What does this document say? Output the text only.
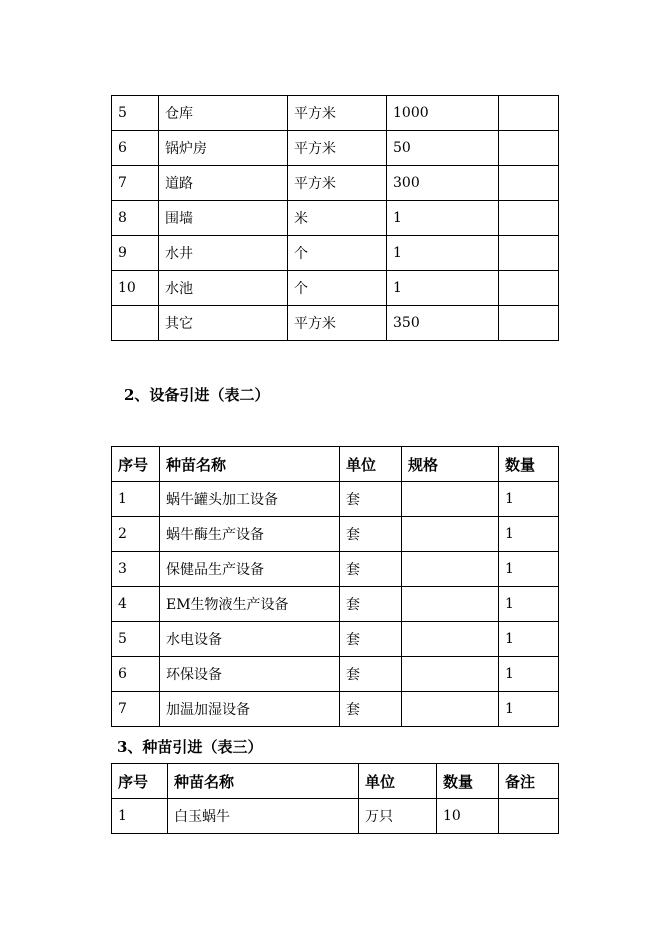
5	仓库	平方米	1000	
6	锅炉房	平方米	50	
7	道路	平方米	300	
8	围墙	米	1	
9	水井	个	1	
10	水池	个	1	
	其它	平方米	350	
2、设备引进（表二）
序号	种苗名称	单位	规格	数量
1	蜗牛罐头加工设备	套		1
2	蜗牛酶生产设备	套		1
3	保健品生产设备	套		1
4	EM生物液生产设备	套		1
5	水电设备	套		1
6	环保设备	套		1
7	加温加湿设备	套		1
3、种苗引进（表三）
序号	种苗名称	单位	数量	备注
1	白玉蜗牛	万只	10	
